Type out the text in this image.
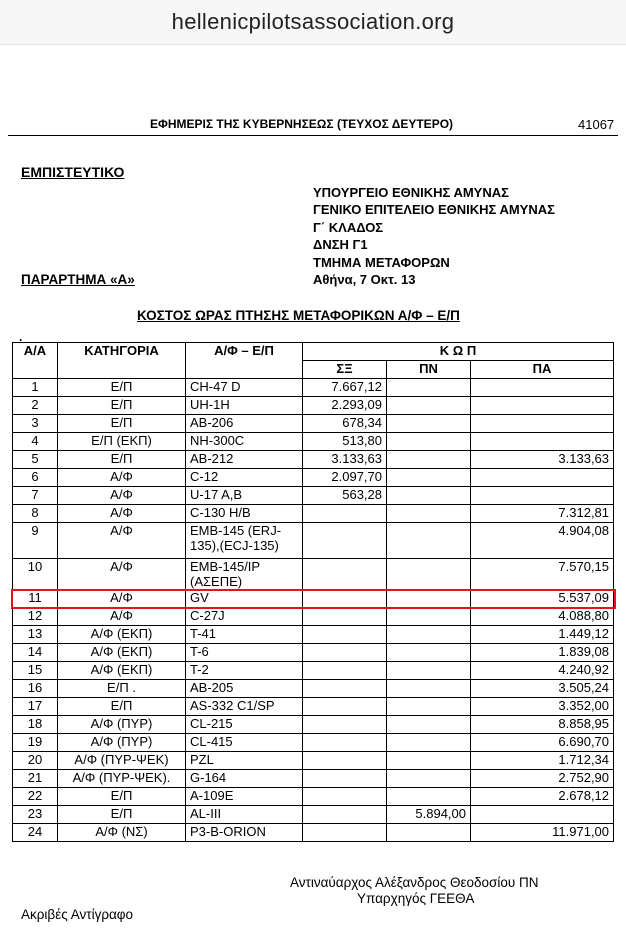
hellenicpilotsassociation.org
ΕΦΗΜΕΡΙΣ ΤΗΣ ΚΥΒΕΡΝΗΣΕΩΣ (ΤΕΥΧΟΣ ΔΕΥΤΕΡΟ)	41067
ΕΜΠΙΣΤΕΥΤΙΚΟ
ΥΠΟΥΡΓΕΙΟ ΕΘΝΙΚΗΣ ΑΜΥΝΑΣ
ΓΕΝΙΚΟ ΕΠΙΤΕΛΕΙΟ ΕΘΝΙΚΗΣ ΑΜΥΝΑΣ
Γ΄ ΚΛΑΔΟΣ
ΔΝΣΗ Γ1
ΤΜΗΜΑ ΜΕΤΑΦΟΡΩΝ
ΠΑΡΑΡΤΗΜΑ «Α»	Αθήνα, 7 Οκτ. 13
ΚΟΣΤΟΣ ΩΡΑΣ ΠΤΗΣΗΣ ΜΕΤΑΦΟΡΙΚΩΝ Α/Φ – Ε/Π
.
Α/Α	ΚΑΤΗΓΟΡΙΑ	Α/Φ – Ε/Π	Κ Ω Π		
			ΣΞ	ΠΝ	ΠΑ
1	Ε/Π	CH-47 D	7.667,12		
2	Ε/Π	UH-1H	2.293,09		
3	Ε/Π	AB-206	678,34		
4	Ε/Π (ΕΚΠ)	NH-300C	513,80		
5	Ε/Π	AB-212	3.133,63		3.133,63
6	Α/Φ	C-12	2.097,70		
7	Α/Φ	U-17 A,B	563,28		
8	Α/Φ	C-130 H/B			7.312,81
9	Α/Φ	EMB-145 (ERJ-135),(ECJ-135)			4.904,08
10	Α/Φ	EMB-145/IP (ΑΣΕΠΕ)			7.570,15
11	Α/Φ	GV			5.537,09
12	Α/Φ	C-27J			4.088,80
13	Α/Φ (ΕΚΠ)	T-41			1.449,12
14	Α/Φ (ΕΚΠ)	T-6			1.839,08
15	Α/Φ (ΕΚΠ)	T-2			4.240,92
16	Ε/Π .	AB-205			3.505,24
17	Ε/Π	AS-332 C1/SP			3.352,00
18	Α/Φ (ΠΥΡ)	CL-215			8.858,95
19	Α/Φ (ΠΥΡ)	CL-415			6.690,70
20	Α/Φ (ΠΥΡ-ΨΕΚ)	PZL			1.712,34
21	Α/Φ (ΠΥΡ-ΨΕΚ).	G-164			2.752,90
22	Ε/Π	A-109E			2.678,12
23	Ε/Π	AL-III		5.894,00	
24	Α/Φ (ΝΣ)	P3-B-ORION			11.971,00
Αντιναύαρχος Αλέξανδρος Θεοδοσίου ΠΝ
Υπαρχηγός ΓΕΕΘΑ
Ακριβές Αντίγραφο
